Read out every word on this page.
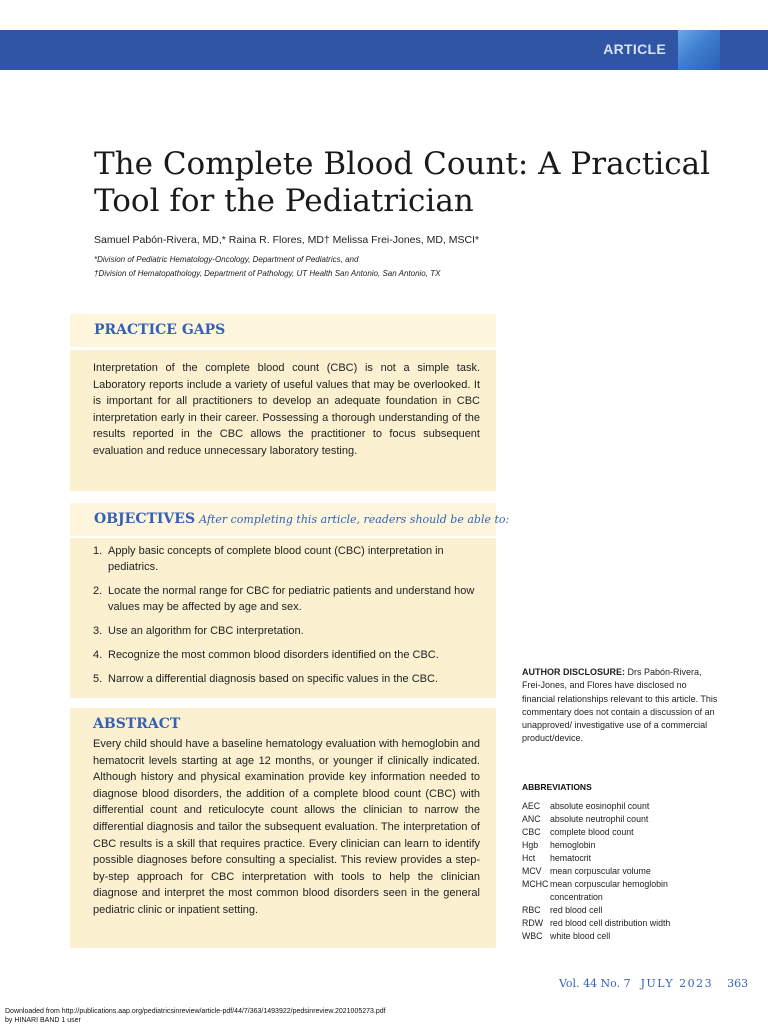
ARTICLE
The Complete Blood Count: A Practical Tool for the Pediatrician
Samuel Pabón-Rivera, MD,* Raina R. Flores, MD† Melissa Frei-Jones, MD, MSCI*
*Division of Pediatric Hematology-Oncology, Department of Pediatrics, and
†Division of Hematopathology, Department of Pathology, UT Health San Antonio, San Antonio, TX
PRACTICE GAPS

Interpretation of the complete blood count (CBC) is not a simple task. Laboratory reports include a variety of useful values that may be overlooked. It is important for all practitioners to develop an adequate foundation in CBC interpretation early in their career. Possessing a thorough understanding of the results reported in the CBC allows the practitioner to focus subsequent evaluation and reduce unnecessary laboratory testing.

OBJECTIVES After completing this article, readers should be able to:
1. Apply basic concepts of complete blood count (CBC) interpretation in pediatrics.
2. Locate the normal range for CBC for pediatric patients and understand how values may be affected by age and sex.
3. Use an algorithm for CBC interpretation.
4. Recognize the most common blood disorders identified on the CBC.
5. Narrow a differential diagnosis based on specific values in the CBC.
ABSTRACT

Every child should have a baseline hematology evaluation with hemoglobin and hematocrit levels starting at age 12 months, or younger if clinically indicated. Although history and physical examination provide key information needed to diagnose blood disorders, the addition of a complete blood count (CBC) with differential count and reticulocyte count allows the clinician to narrow the differential diagnosis and tailor the subsequent evaluation. The interpretation of CBC results is a skill that requires practice. Every clinician can learn to identify possible diagnoses before consulting a specialist. This review provides a step-by-step approach for CBC interpretation with tools to help the clinician diagnose and interpret the most common blood disorders seen in the general pediatric clinic or inpatient setting.

AUTHOR DISCLOSURE: Drs Pabón-Rivera, Frei-Jones, and Flores have disclosed no financial relationships relevant to this article. This commentary does not contain a discussion of an unapproved/ investigative use of a commercial product/device.
ABBREVIATIONS
AEC	absolute eosinophil count
ANC	absolute neutrophil count
CBC	complete blood count
Hgb	hemoglobin
Hct	hematocrit
MCV mean corpuscular volume
MCHC mean corpuscular hemoglobin concentration
RBC	red blood cell
RDW red blood cell distribution width
WBC white blood cell
Vol. 44 No. 7 JULY 2023 363
Downloaded from http://publications.aap.org/pediatricsinreview/article-pdf/44/7/363/1493922/pedsinreview.2021005273.pdf
by HINARI BAND 1 user
